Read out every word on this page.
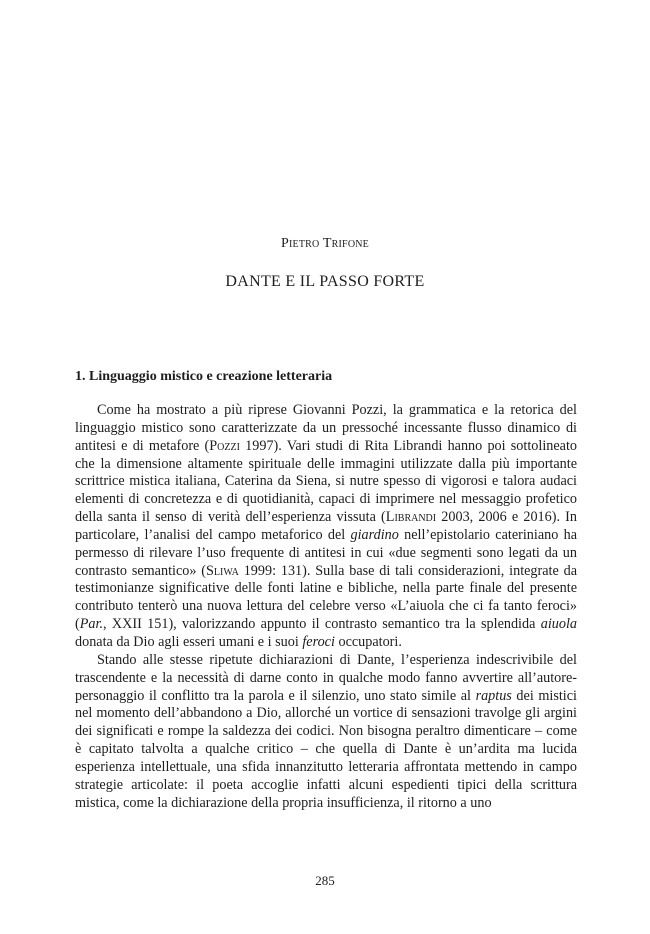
Pietro Trifone
DANTE E IL PASSO FORTE
1. Linguaggio mistico e creazione letteraria

Come ha mostrato a più riprese Giovanni Pozzi, la grammatica e la retorica del linguaggio mistico sono caratterizzate da un pressoché incessante flusso dinamico di antitesi e di metafore (Pozzi 1997). Vari studi di Rita Librandi hanno poi sottolineato che la dimensione altamente spirituale delle immagini utilizzate dalla più importante scrittrice mistica italiana, Caterina da Siena, si nutre spesso di vigorosi e talora audaci elementi di concretezza e di quotidianità, capaci di imprimere nel messaggio profetico della santa il senso di verità dell’esperienza vissuta (Librandi 2003, 2006 e 2016). In particolare, l’analisi del campo metaforico del giardino nell’epistolario cateriniano ha permesso di rilevare l’uso frequente di antitesi in cui «due segmenti sono legati da un contrasto semantico» (Sliwa 1999: 131). Sulla base di tali considerazioni, integrate da testimonianze significative delle fonti latine e bibliche, nella parte finale del presente contributo tenterò una nuova lettura del celebre verso «L’aiuola che ci fa tanto feroci» (Par., XXII 151), valorizzando appunto il contrasto semantico tra la splendida aiuola donata da Dio agli esseri umani e i suoi feroci occupatori.

Stando alle stesse ripetute dichiarazioni di Dante, l’esperienza indescrivibile del trascendente e la necessità di darne conto in qualche modo fanno avvertire all’autore-personaggio il conflitto tra la parola e il silenzio, uno stato simile al raptus dei mistici nel momento dell’abbandono a Dio, allorché un vortice di sensazioni travolge gli argini dei significati e rompe la saldezza dei codici. Non bisogna peraltro dimenticare – come è capitato talvolta a qualche critico – che quella di Dante è un’ardita ma lucida esperienza intellettuale, una sfida innanzitutto letteraria affrontata mettendo in campo strategie articolate: il poeta accoglie infatti alcuni espedienti tipici della scrittura mistica, come la dichiarazione della propria insufficienza, il ritorno a uno

285
